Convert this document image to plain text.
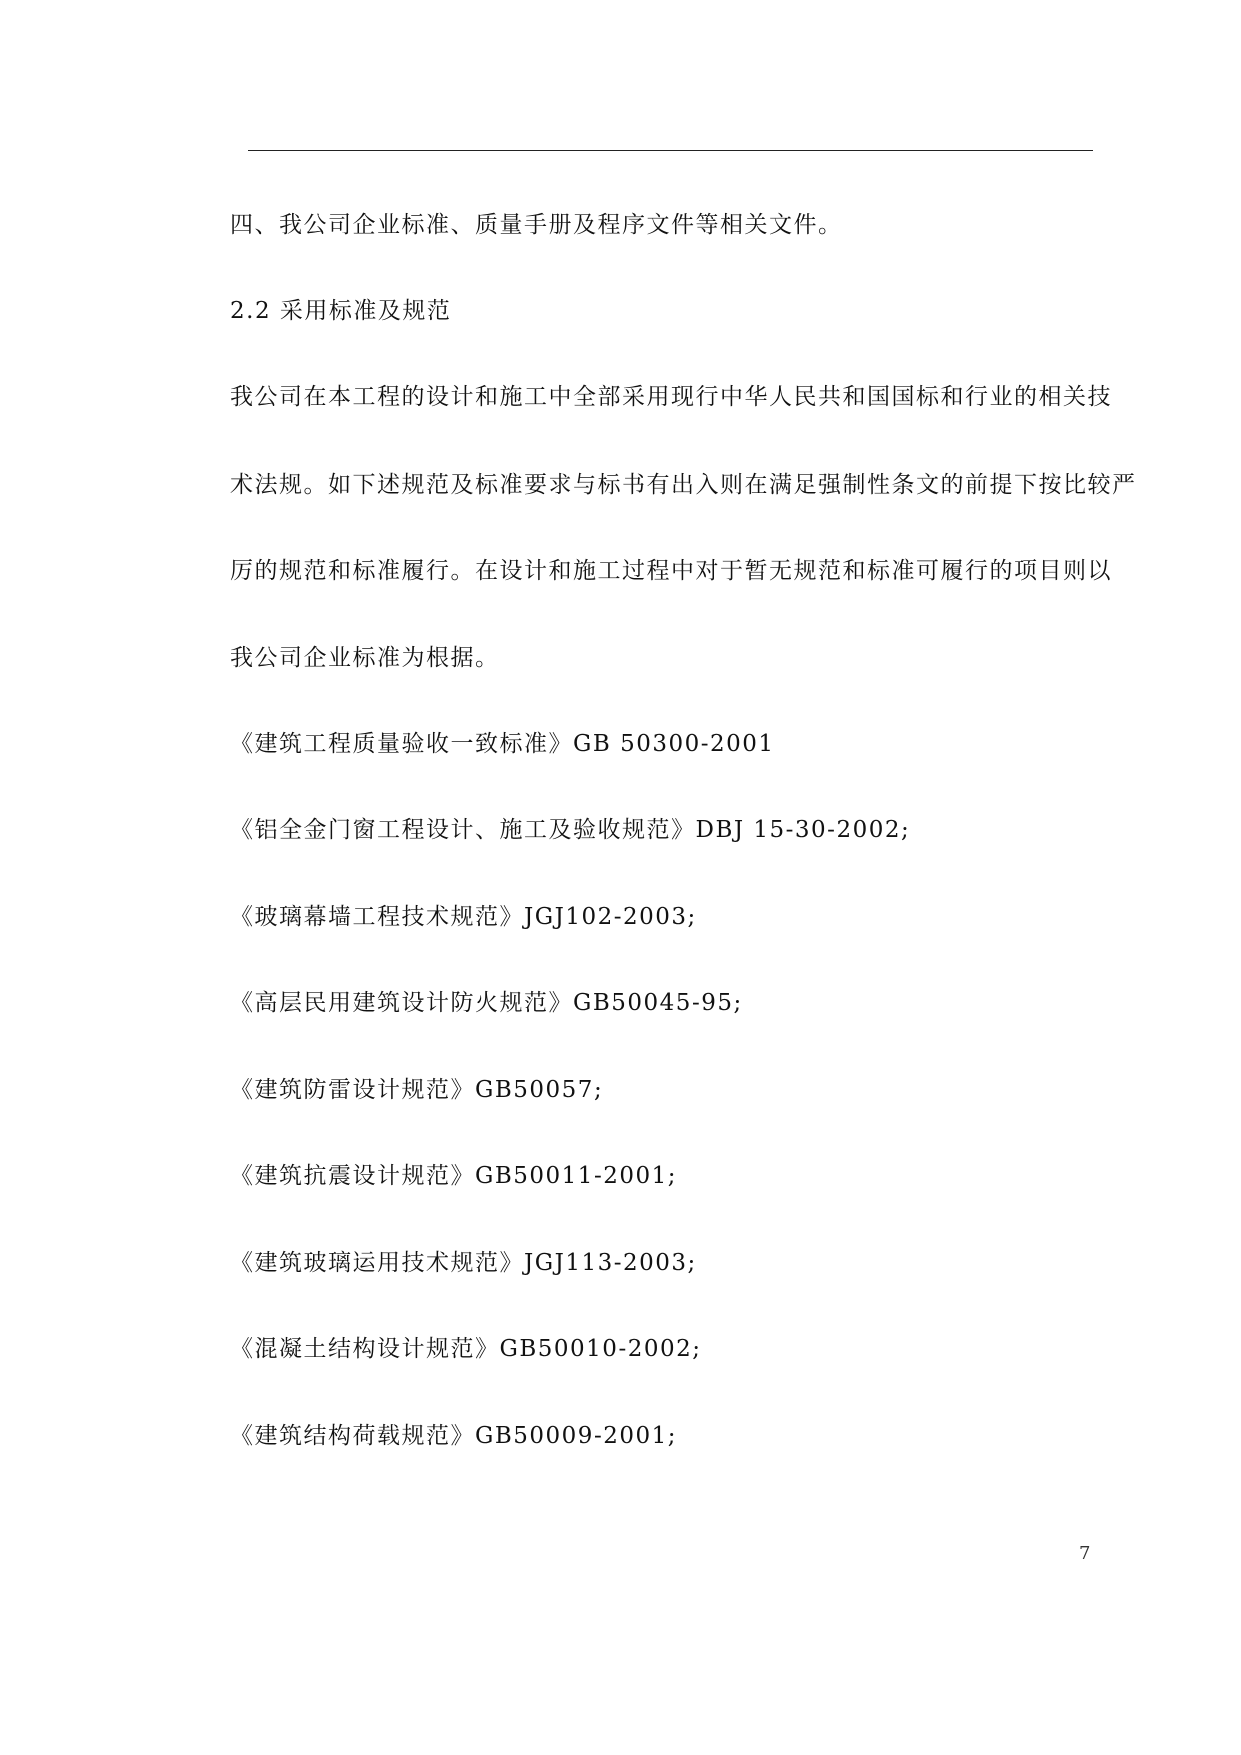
四、我公司企业标准、质量手册及程序文件等相关文件。
2.2 采用标准及规范
我公司在本工程的设计和施工中全部采用现行中华人民共和国国标和行业的相关技
术法规。如下述规范及标准要求与标书有出入则在满足强制性条文的前提下按比较严
厉的规范和标准履行。在设计和施工过程中对于暂无规范和标准可履行的项目则以
我公司企业标准为根据。
《建筑工程质量验收一致标准》GB 50300-2001
《铝全金门窗工程设计、施工及验收规范》DBJ 15-30-2002;
《玻璃幕墙工程技术规范》JGJ102-2003;
《高层民用建筑设计防火规范》GB50045-95;
《建筑防雷设计规范》GB50057;
《建筑抗震设计规范》GB50011-2001;
《建筑玻璃运用技术规范》JGJ113-2003;
《混凝土结构设计规范》GB50010-2002;
《建筑结构荷载规范》GB50009-2001;
7
